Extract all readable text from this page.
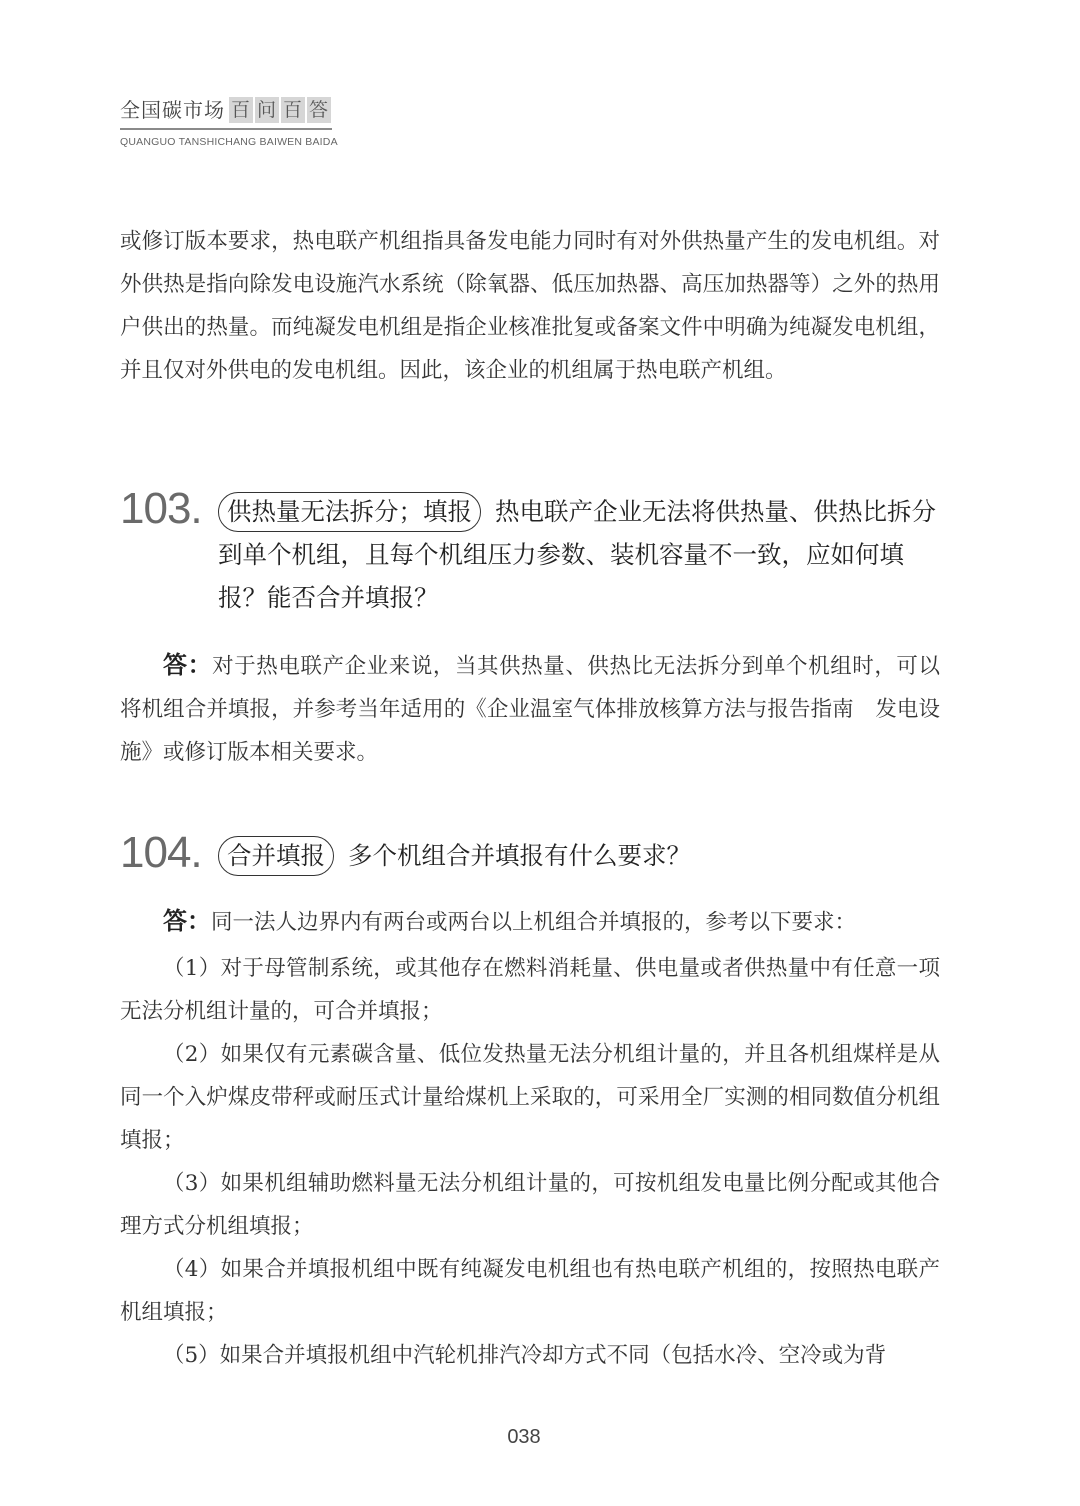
全国碳市场 百 问 百 答
QUANGUO TANSHICHANG BAIWEN BAIDA
或修订版本要求，热电联产机组指具备发电能力同时有对外供热量产生的发电机组。对外供热是指向除发电设施汽水系统（除氧器、低压加热器、高压加热器等）之外的热用户供出的热量。而纯凝发电机组是指企业核准批复或备案文件中明确为纯凝发电机组，并且仅对外供电的发电机组。因此，该企业的机组属于热电联产机组。
103.	供热量无法拆分；填报 热电联产企业无法将供热量、供热比拆分到单个机组，且每个机组压力参数、装机容量不一致，应如何填报？能否合并填报？
答：对于热电联产企业来说，当其供热量、供热比无法拆分到单个机组时，可以将机组合并填报，并参考当年适用的《企业温室气体排放核算方法与报告指南　发电设施》或修订版本相关要求。
104.	合并填报 多个机组合并填报有什么要求？
答：同一法人边界内有两台或两台以上机组合并填报的，参考以下要求：
（1）对于母管制系统，或其他存在燃料消耗量、供电量或者供热量中有任意一项无法分机组计量的，可合并填报；
（2）如果仅有元素碳含量、低位发热量无法分机组计量的，并且各机组煤样是从同一个入炉煤皮带秤或耐压式计量给煤机上采取的，可采用全厂实测的相同数值分机组填报；
（3）如果机组辅助燃料量无法分机组计量的，可按机组发电量比例分配或其他合理方式分机组填报；
（4）如果合并填报机组中既有纯凝发电机组也有热电联产机组的，按照热电联产机组填报；
（5）如果合并填报机组中汽轮机排汽冷却方式不同（包括水冷、空冷或为背
038
